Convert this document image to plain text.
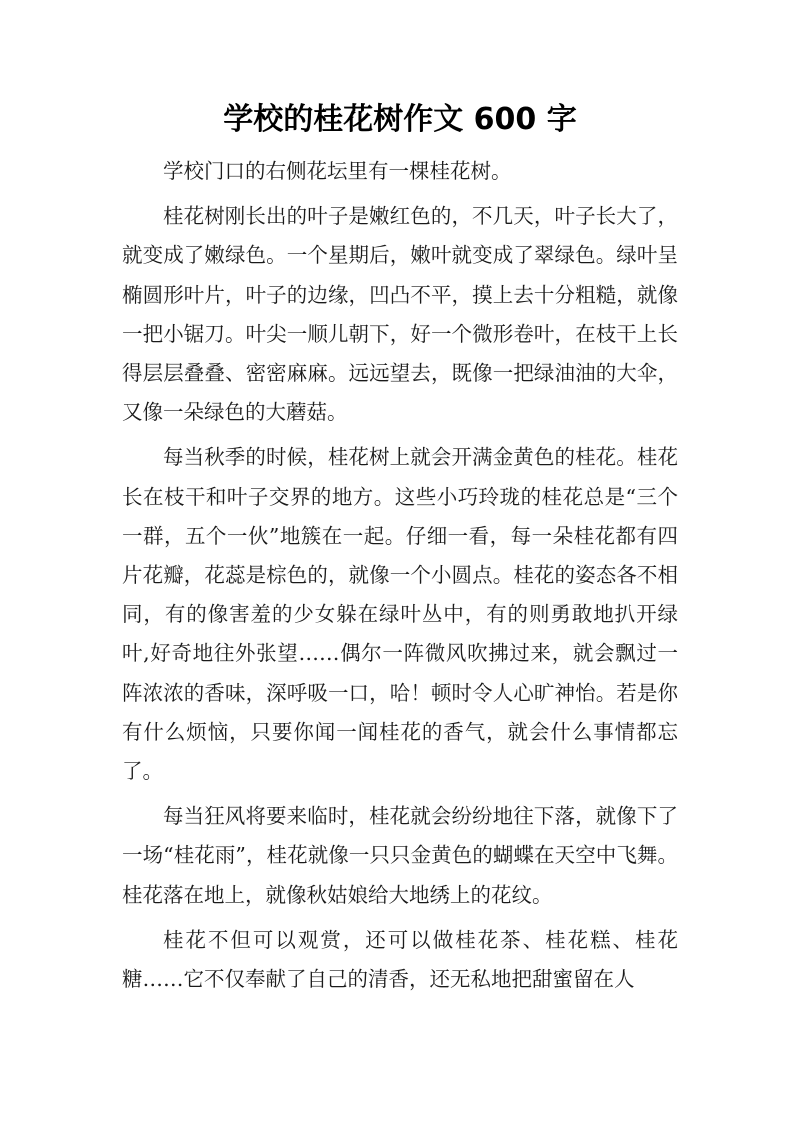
学校的桂花树作文 600 字

学校门口的右侧花坛里有一棵桂花树。

桂花树刚长出的叶子是嫩红色的，不几天，叶子长大了，就变成了嫩绿色。一个星期后，嫩叶就变成了翠绿色。绿叶呈椭圆形叶片，叶子的边缘，凹凸不平，摸上去十分粗糙，就像一把小锯刀。叶尖一顺儿朝下，好一个微形卷叶，在枝干上长得层层叠叠、密密麻麻。远远望去，既像一把绿油油的大伞，又像一朵绿色的大蘑菇。

每当秋季的时候，桂花树上就会开满金黄色的桂花。桂花长在枝干和叶子交界的地方。这些小巧玲珑的桂花总是“三个一群，五个一伙”地簇在一起。仔细一看，每一朵桂花都有四片花瓣，花蕊是棕色的，就像一个小圆点。桂花的姿态各不相同，有的像害羞的少女躲在绿叶丛中，有的则勇敢地扒开绿叶,好奇地往外张望……偶尔一阵微风吹拂过来，就会飘过一阵浓浓的香味，深呼吸一口，哈！顿时令人心旷神怡。若是你有什么烦恼，只要你闻一闻桂花的香气，就会什么事情都忘了。

每当狂风将要来临时，桂花就会纷纷地往下落，就像下了一场“桂花雨”，桂花就像一只只金黄色的蝴蝶在天空中飞舞。桂花落在地上，就像秋姑娘给大地绣上的花纹。

桂花不但可以观赏，还可以做桂花茶、桂花糕、桂花糖……它不仅奉献了自己的清香，还无私地把甜蜜留在人
